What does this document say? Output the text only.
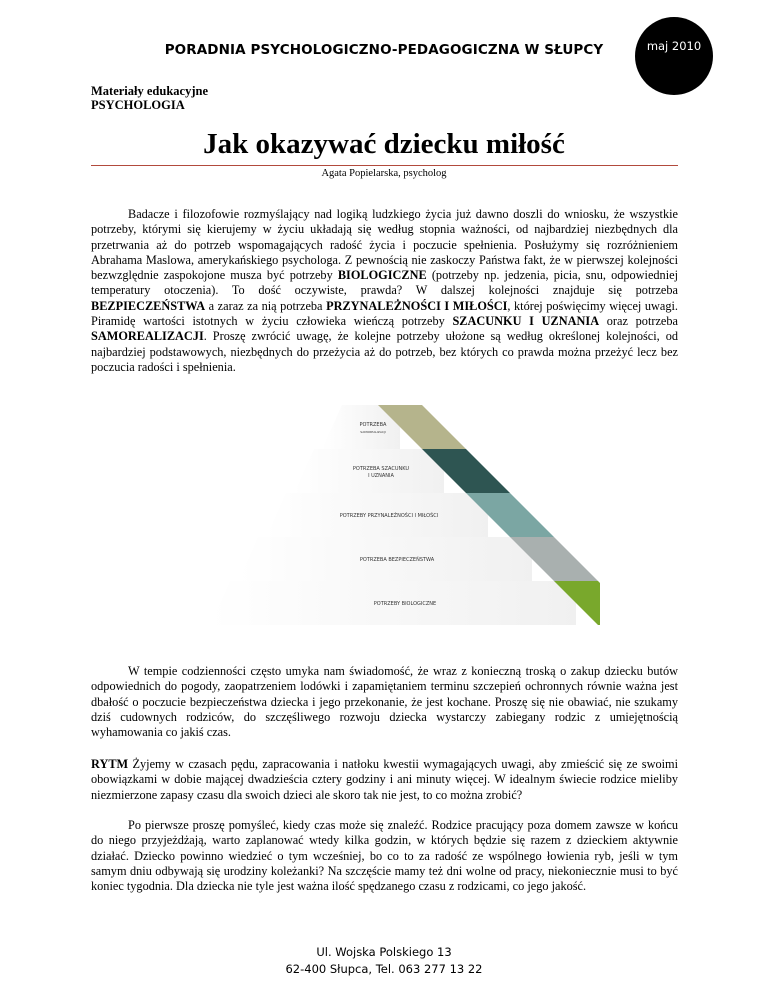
PORADNIA PSYCHOLOGICZNO-PEDAGOGICZNA W SŁUPCY	maj 2010
Materiały edukacyjne
PSYCHOLOGIA
Jak okazywać dziecku miłość
Agata Popielarska, psycholog

Badacze i filozofowie rozmyślający nad logiką ludzkiego życia już dawno doszli do wniosku, że wszystkie potrzeby, którymi się kierujemy w życiu układają się według stopnia ważności, od najbardziej niezbędnych dla przetrwania aż do potrzeb wspomagających radość życia i poczucie spełnienia. Posłużymy się rozróżnieniem Abrahama Maslowa, amerykańskiego psychologa. Z pewnością nie zaskoczy Państwa fakt, że w pierwszej kolejności bezwzględnie zaspokojone musza być potrzeby BIOLOGICZNE (potrzeby np. jedzenia, picia, snu, odpowiedniej temperatury otoczenia). To dość oczywiste, prawda? W dalszej kolejności znajduje się potrzeba BEZPIECZEŃSTWA a zaraz za nią potrzeba PRZYNALEŻNOŚCI I MIŁOŚCI, której poświęcimy więcej uwagi. Piramidę wartości istotnych w życiu człowieka wieńczą potrzeby SZACUNKU I UZNANIA oraz potrzeba SAMOREALIZACJI. Proszę zwrócić uwagę, że kolejne potrzeby ułożone są według określonej kolejności, od najbardziej podstawowych, niezbędnych do przeżycia aż do potrzeb, bez których co prawda można przeżyć lecz bez poczucia radości i spełnienia.

POTRZEBA
SAMOREALIZACJI
POTRZEBA SZACUNKU
I UZNANIA
POTRZEBY PRZYNALEŻNOŚCI I MIŁOŚCI
POTRZEBA BEZPIECZEŃSTWA
POTRZEBY BIOLOGICZNE

W tempie codzienności często umyka nam świadomość, że wraz z konieczną troską o zakup dziecku butów odpowiednich do pogody, zaopatrzeniem lodówki i zapamiętaniem terminu szczepień ochronnych równie ważna jest dbałość o poczucie bezpieczeństwa dziecka i jego przekonanie, że jest kochane. Proszę się nie obawiać, nie szukamy dziś cudownych rodziców, do szczęśliwego rozwoju dziecka wystarczy zabiegany rodzic z umiejętnością wyhamowania co jakiś czas.

RYTM Żyjemy w czasach pędu, zapracowania i natłoku kwestii wymagających uwagi, aby zmieścić się ze swoimi obowiązkami w dobie mającej dwadzieścia cztery godziny i ani minuty więcej. W idealnym świecie rodzice mieliby niezmierzone zapasy czasu dla swoich dzieci ale skoro tak nie jest, to co można zrobić?

Po pierwsze proszę pomyśleć, kiedy czas może się znaleźć. Rodzice pracujący poza domem zawsze w końcu do niego przyjeżdżają, warto zaplanować wtedy kilka godzin, w których będzie się razem z dzieckiem aktywnie działać. Dziecko powinno wiedzieć o tym wcześniej, bo co to za radość ze wspólnego łowienia ryb, jeśli w tym samym dniu odbywają się urodziny koleżanki? Na szczęście mamy też dni wolne od pracy, niekoniecznie musi to być koniec tygodnia. Dla dziecka nie tyle jest ważna ilość spędzanego czasu z rodzicami, co jego jakość.

Ul. Wojska Polskiego 13
62-400 Słupca, Tel. 063 277 13 22
